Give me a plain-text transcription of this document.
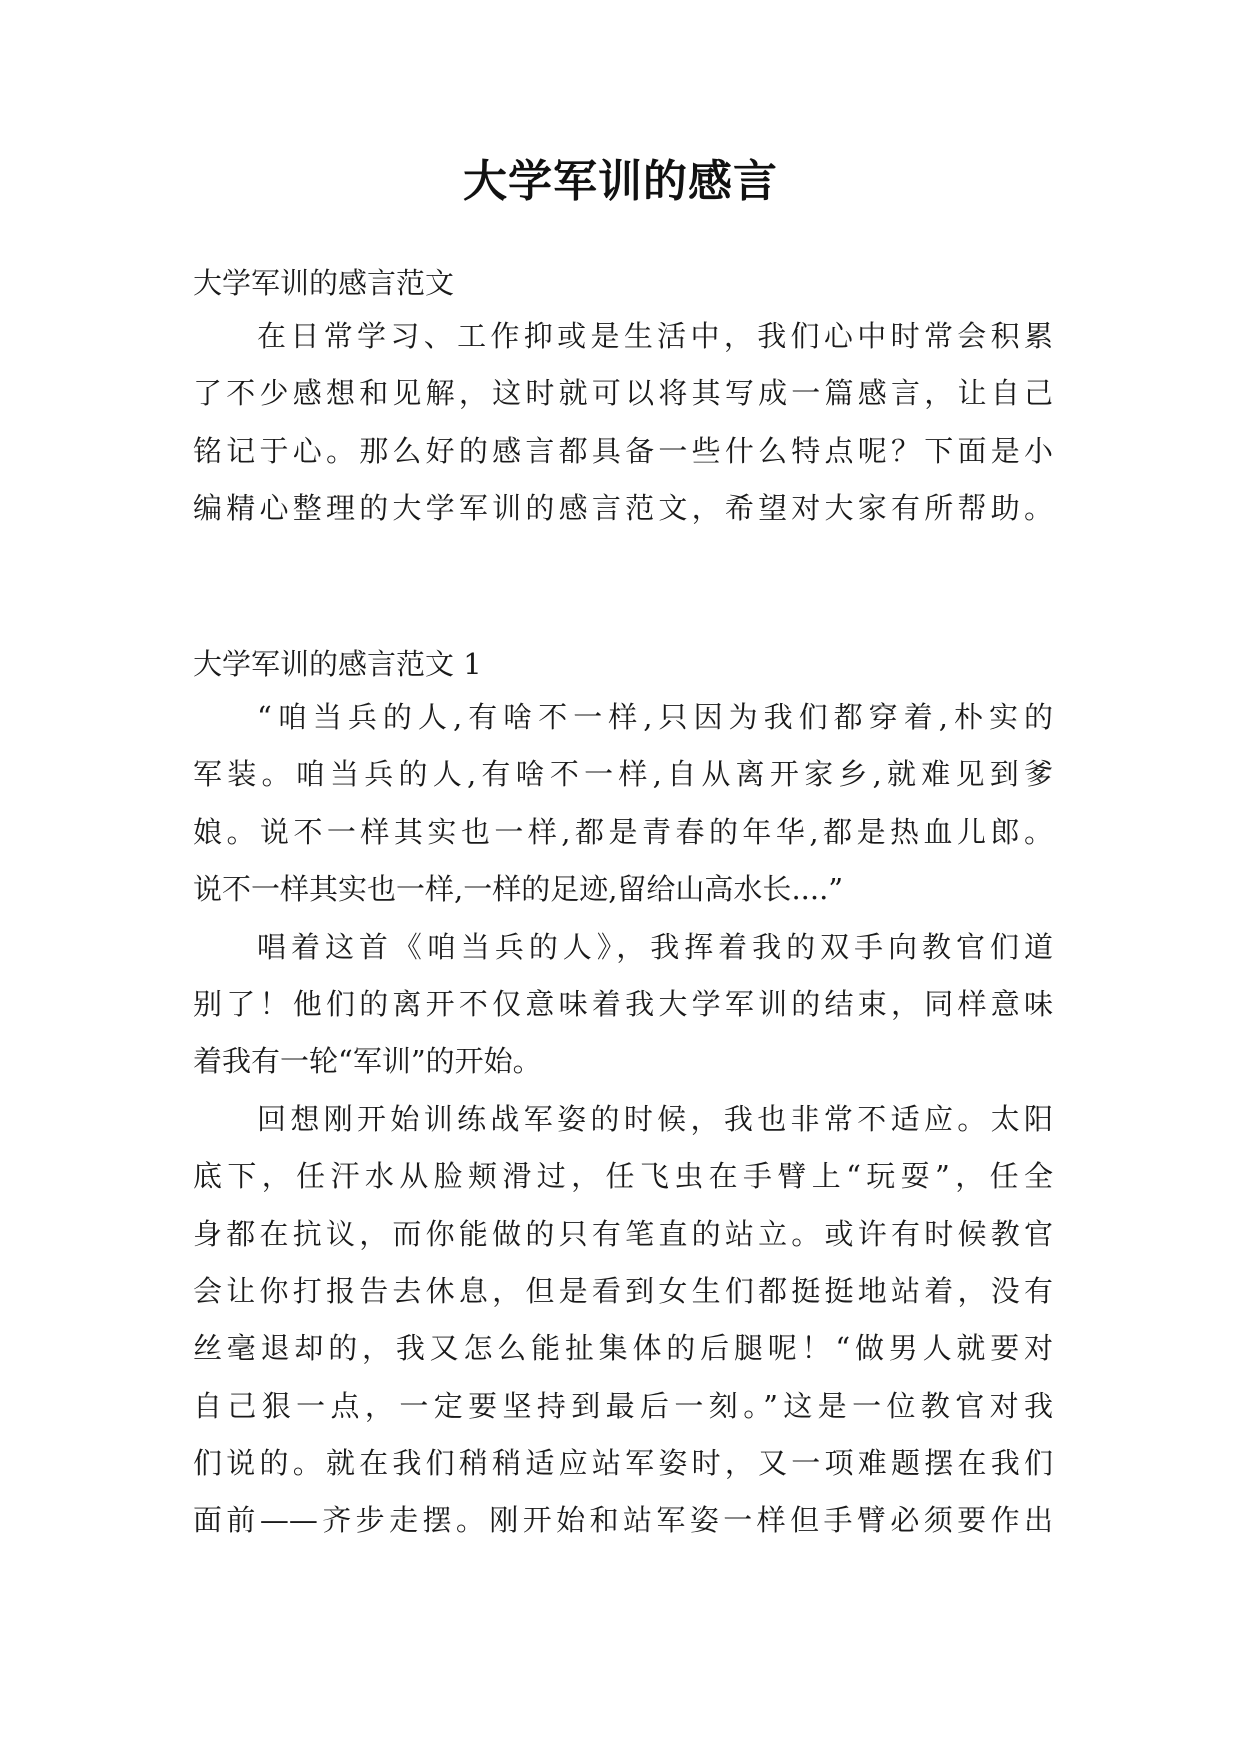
大学军训的感言
大学军训的感言范文
在日常学习、工作抑或是生活中，我们心中时常会积累
了不少感想和见解，这时就可以将其写成一篇感言，让自己
铭记于心。那么好的感言都具备一些什么特点呢？下面是小
编精心整理的大学军训的感言范文，希望对大家有所帮助。
大学军训的感言范文 1
“咱当兵的人,有啥不一样,只因为我们都穿着,朴实的
军装。咱当兵的人,有啥不一样,自从离开家乡,就难见到爹
娘。说不一样其实也一样,都是青春的年华,都是热血儿郎。
说不一样其实也一样,一样的足迹,留给山高水长....”
唱着这首《咱当兵的人》，我挥着我的双手向教官们道
别了！他们的离开不仅意味着我大学军训的结束，同样意味
着我有一轮“军训”的开始。
回想刚开始训练战军姿的时候，我也非常不适应。太阳
底下，任汗水从脸颊滑过，任飞虫在手臂上“玩耍”，任全
身都在抗议，而你能做的只有笔直的站立。或许有时候教官
会让你打报告去休息，但是看到女生们都挺挺地站着，没有
丝毫退却的，我又怎么能扯集体的后腿呢！“做男人就要对
自己狠一点，一定要坚持到最后一刻。”这是一位教官对我
们说的。就在我们稍稍适应站军姿时，又一项难题摆在我们
面前——齐步走摆。刚开始和站军姿一样但手臂必须要作出
